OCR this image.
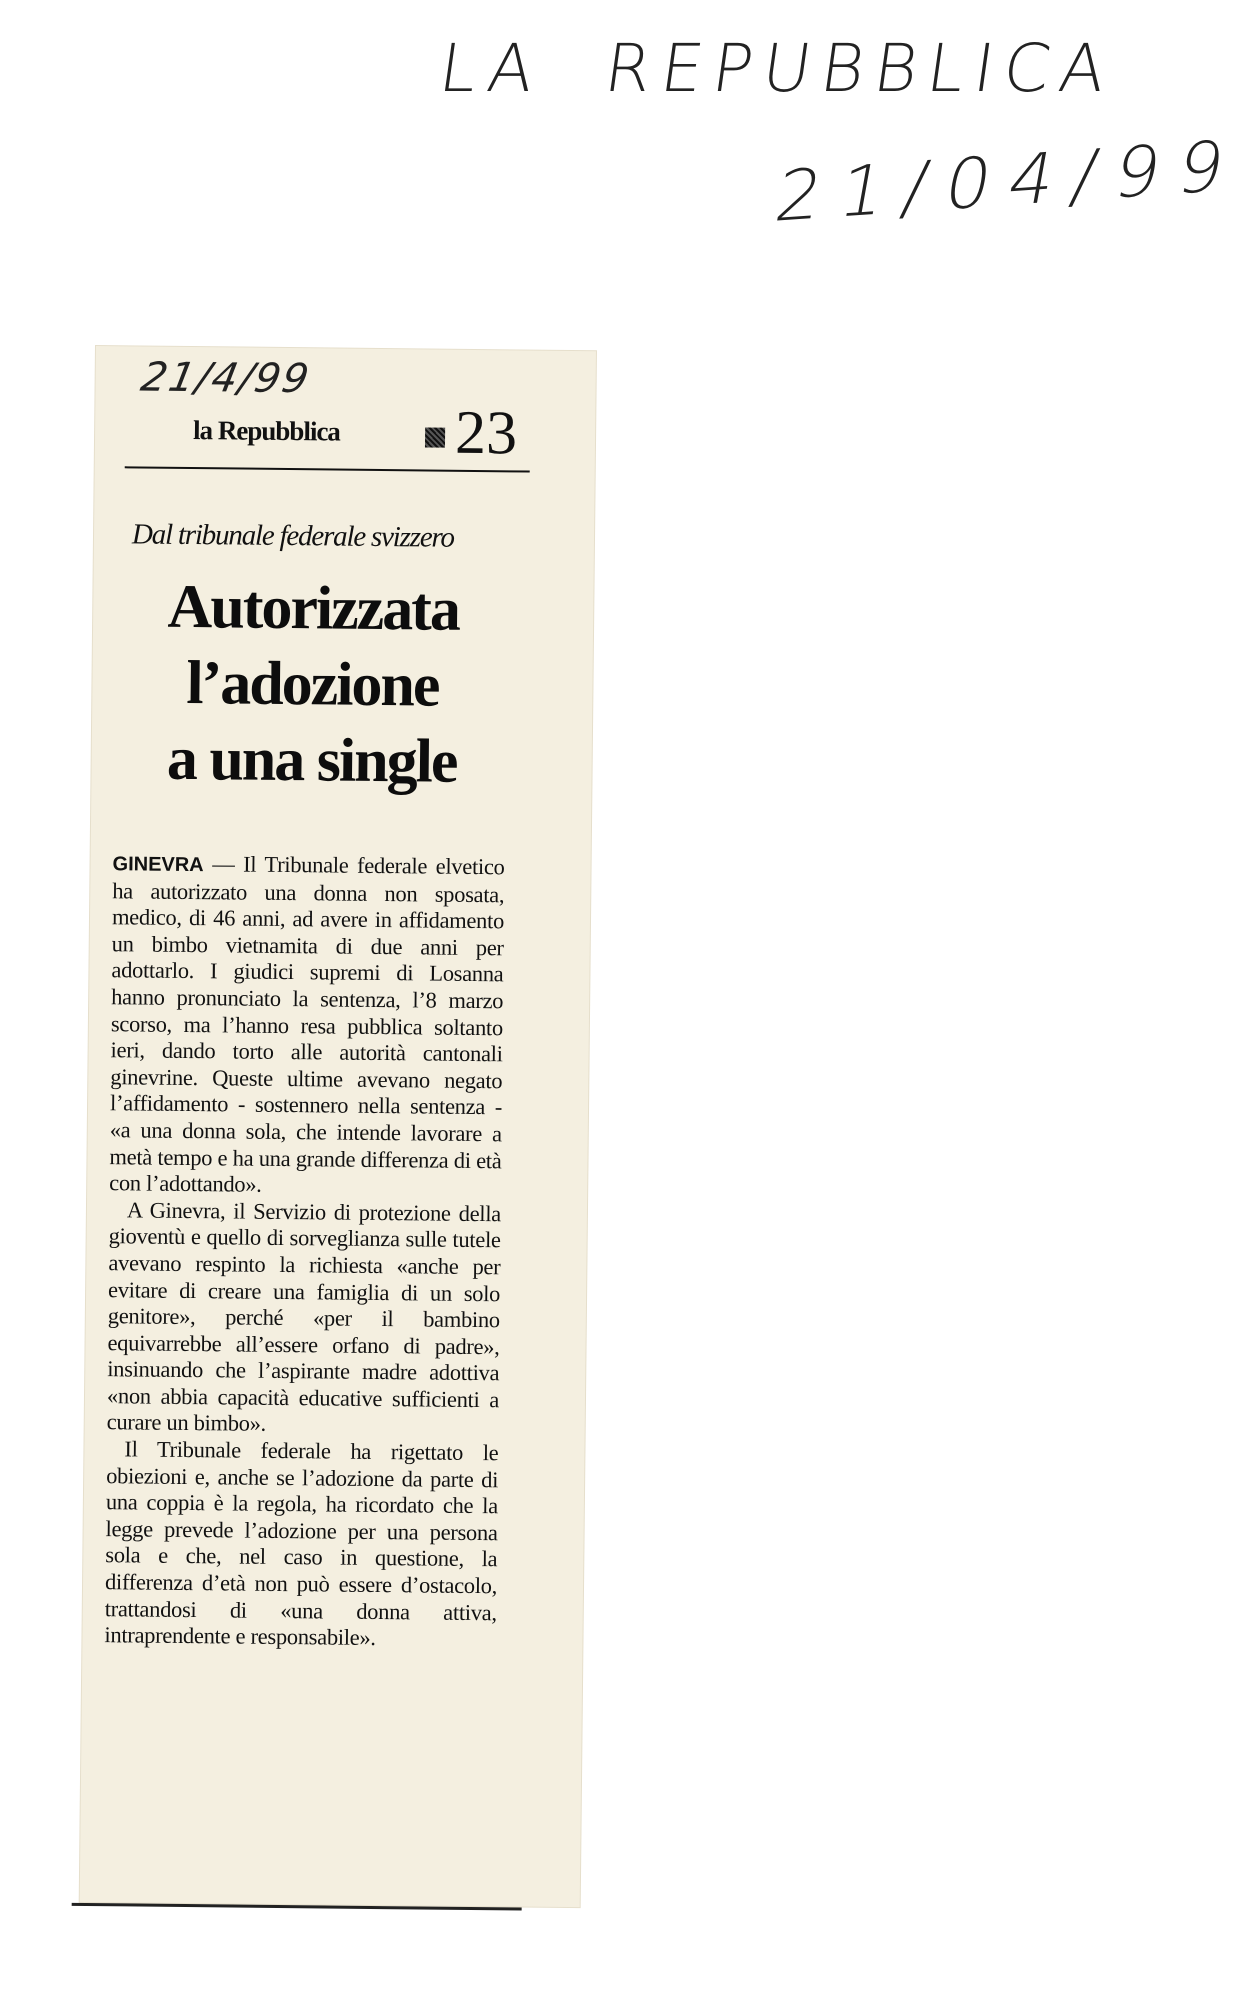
LA  REPUBBLICA
21/04/99
21/4/99
la Repubblica 23
Dal tribunale federale svizzero
Autorizzata
l’adozione
a una single

GINEVRA — Il Tribunale federale elvetico ha autorizzato una donna non sposata, medico, di 46 anni, ad avere in affidamento un bimbo vietnamita di due anni per adottarlo. I giudici supremi di Losanna hanno pronunciato la sentenza, l’8 marzo scorso, ma l’hanno resa pubblica soltanto ieri, dando torto alle autorità cantonali ginevrine. Queste ultime avevano negato l’affidamento - sostennero nella sentenza - «a una donna sola, che intende lavorare a metà tempo e ha una grande differenza di età con l’adottando».

A Ginevra, il Servizio di protezione della gioventù e quello di sorveglianza sulle tutele avevano respinto la richiesta «anche per evitare di creare una famiglia di un solo genitore», perché «per il bambino equivarrebbe all’essere orfano di padre», insinuando che l’aspirante madre adottiva «non abbia capacità educative sufficienti a curare un bimbo».

Il Tribunale federale ha rigettato le obiezioni e, anche se l’adozione da parte di una coppia è la regola, ha ricordato che la legge prevede l’adozione per una persona sola e che, nel caso in questione, la differenza d’età non può essere d’ostacolo, trattandosi di «una donna attiva, intraprendente e responsabile».
